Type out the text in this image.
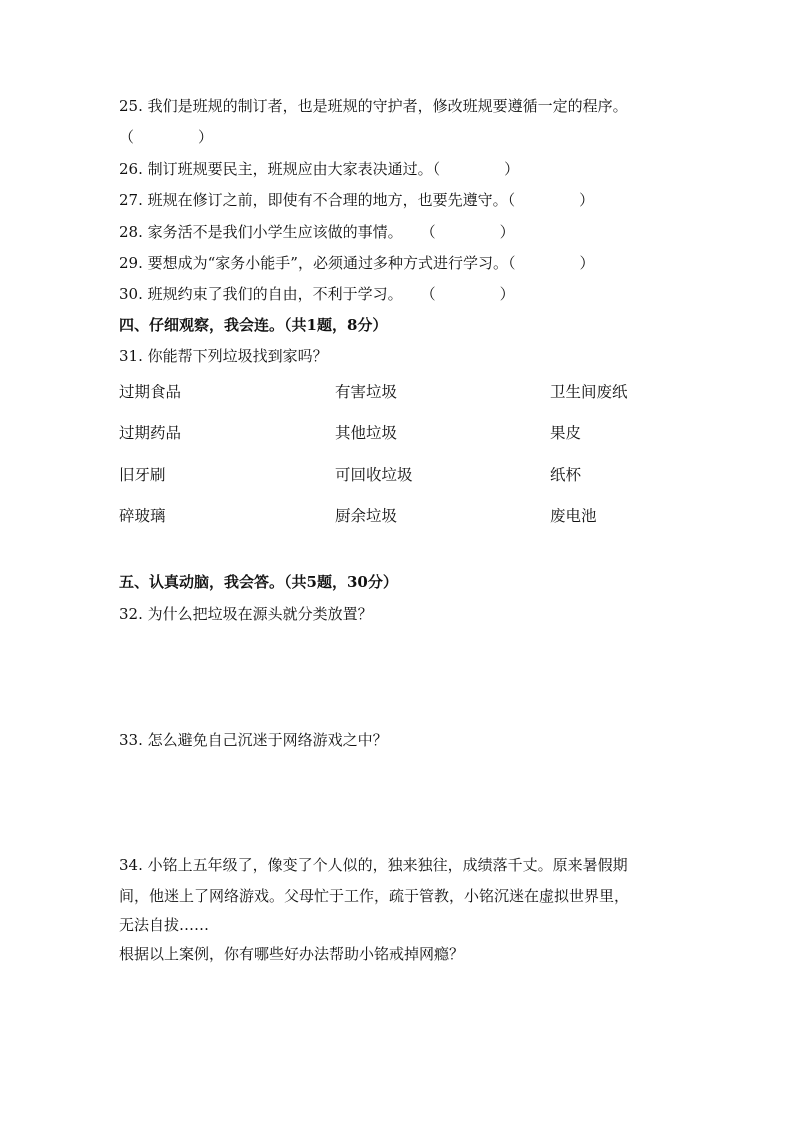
25. 我们是班规的制订者，也是班规的守护者，修改班规要遵循一定的程序。
（	）
26. 制订班规要民主，班规应由大家表决通过。（	）
27. 班规在修订之前，即使有不合理的地方，也要先遵守。（	）
28. 家务活不是我们小学生应该做的事情。 （	）
29. 要想成为“家务小能手”，必须通过多种方式进行学习。（	）
30. 班规约束了我们的自由，不利于学习。 （	）
四、仔细观察，我会连。（共1题，8分）
31. 你能帮下列垃圾找到家吗？
过期食品	有害垃圾	卫生间废纸
过期药品	其他垃圾	果皮
旧牙刷	可回收垃圾	纸杯
碎玻璃	厨余垃圾	废电池
五、认真动脑，我会答。（共5题，30分）
32. 为什么把垃圾在源头就分类放置？
33. 怎么避免自己沉迷于网络游戏之中？
34. 小铭上五年级了，像变了个人似的，独来独往，成绩落千丈。原来暑假期
间，他迷上了网络游戏。父母忙于工作，疏于管教，小铭沉迷在虚拟世界里，
无法自拔……
根据以上案例，你有哪些好办法帮助小铭戒掉网瘾？
